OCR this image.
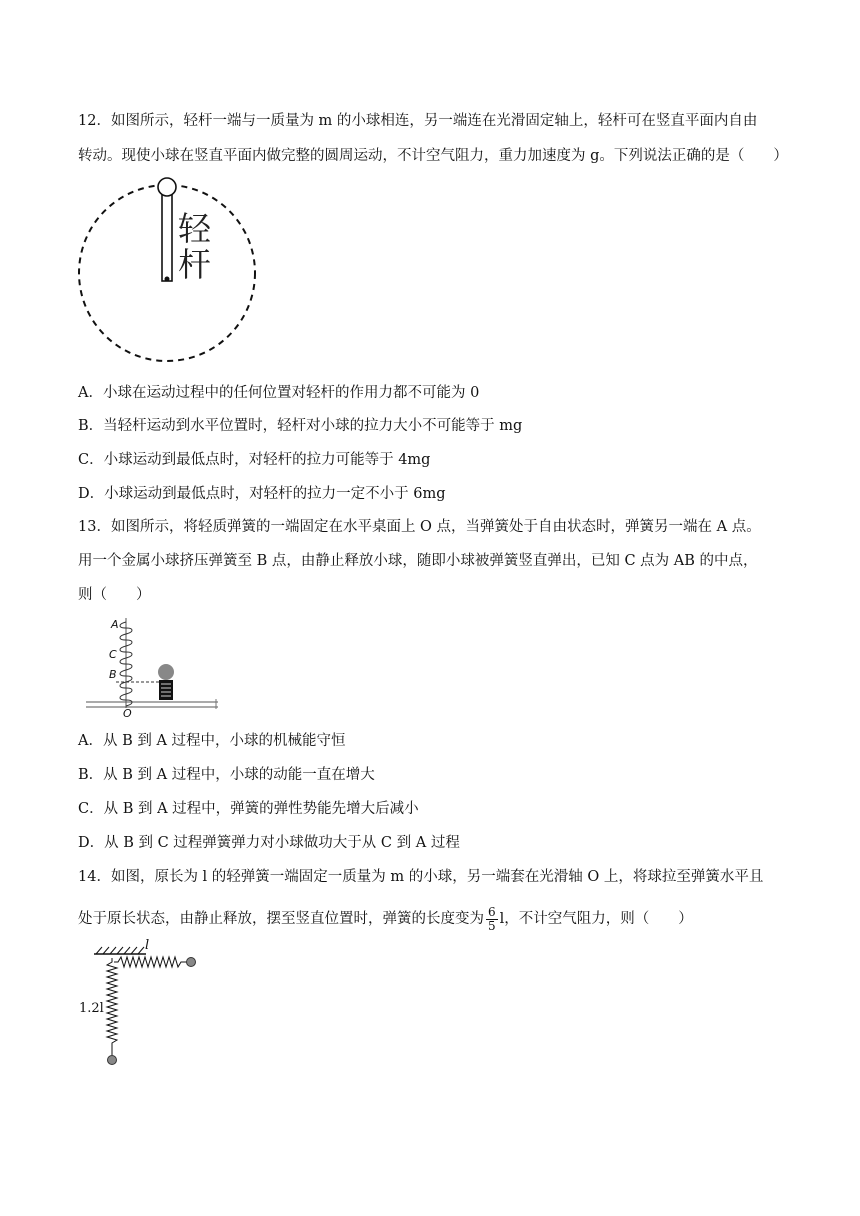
12．如图所示，轻杆一端与一质量为 m 的小球相连，另一端连在光滑固定轴上，轻杆可在竖直平面内自由
转动。现使小球在竖直平面内做完整的圆周运动，不计空气阻力，重力加速度为 g。下列说法正确的是（　　）
轻杆
A．小球在运动过程中的任何位置对轻杆的作用力都不可能为 0
B．当轻杆运动到水平位置时，轻杆对小球的拉力大小不可能等于 mg
C．小球运动到最低点时，对轻杆的拉力可能等于 4mg
D．小球运动到最低点时，对轻杆的拉力一定不小于 6mg
13．如图所示，将轻质弹簧的一端固定在水平桌面上 O 点，当弹簧处于自由状态时，弹簧另一端在 A 点。
用一个金属小球挤压弹簧至 B 点，由静止释放小球，随即小球被弹簧竖直弹出，已知 C 点为 AB 的中点，
则（　　）
A
C
B
O
A．从 B 到 A 过程中，小球的机械能守恒
B．从 B 到 A 过程中，小球的动能一直在增大
C．从 B 到 A 过程中，弹簧的弹性势能先增大后减小
D．从 B 到 C 过程弹簧弹力对小球做功大于从 C 到 A 过程
14．如图，原长为 l 的轻弹簧一端固定一质量为 m 的小球，另一端套在光滑轴 O 上，将球拉至弹簧水平且
处于原长状态，由静止释放，摆至竖直位置时，弹簧的长度变为 $\frac{6}{5}$ l，不计空气阻力，则（　　）
l
1.2l
